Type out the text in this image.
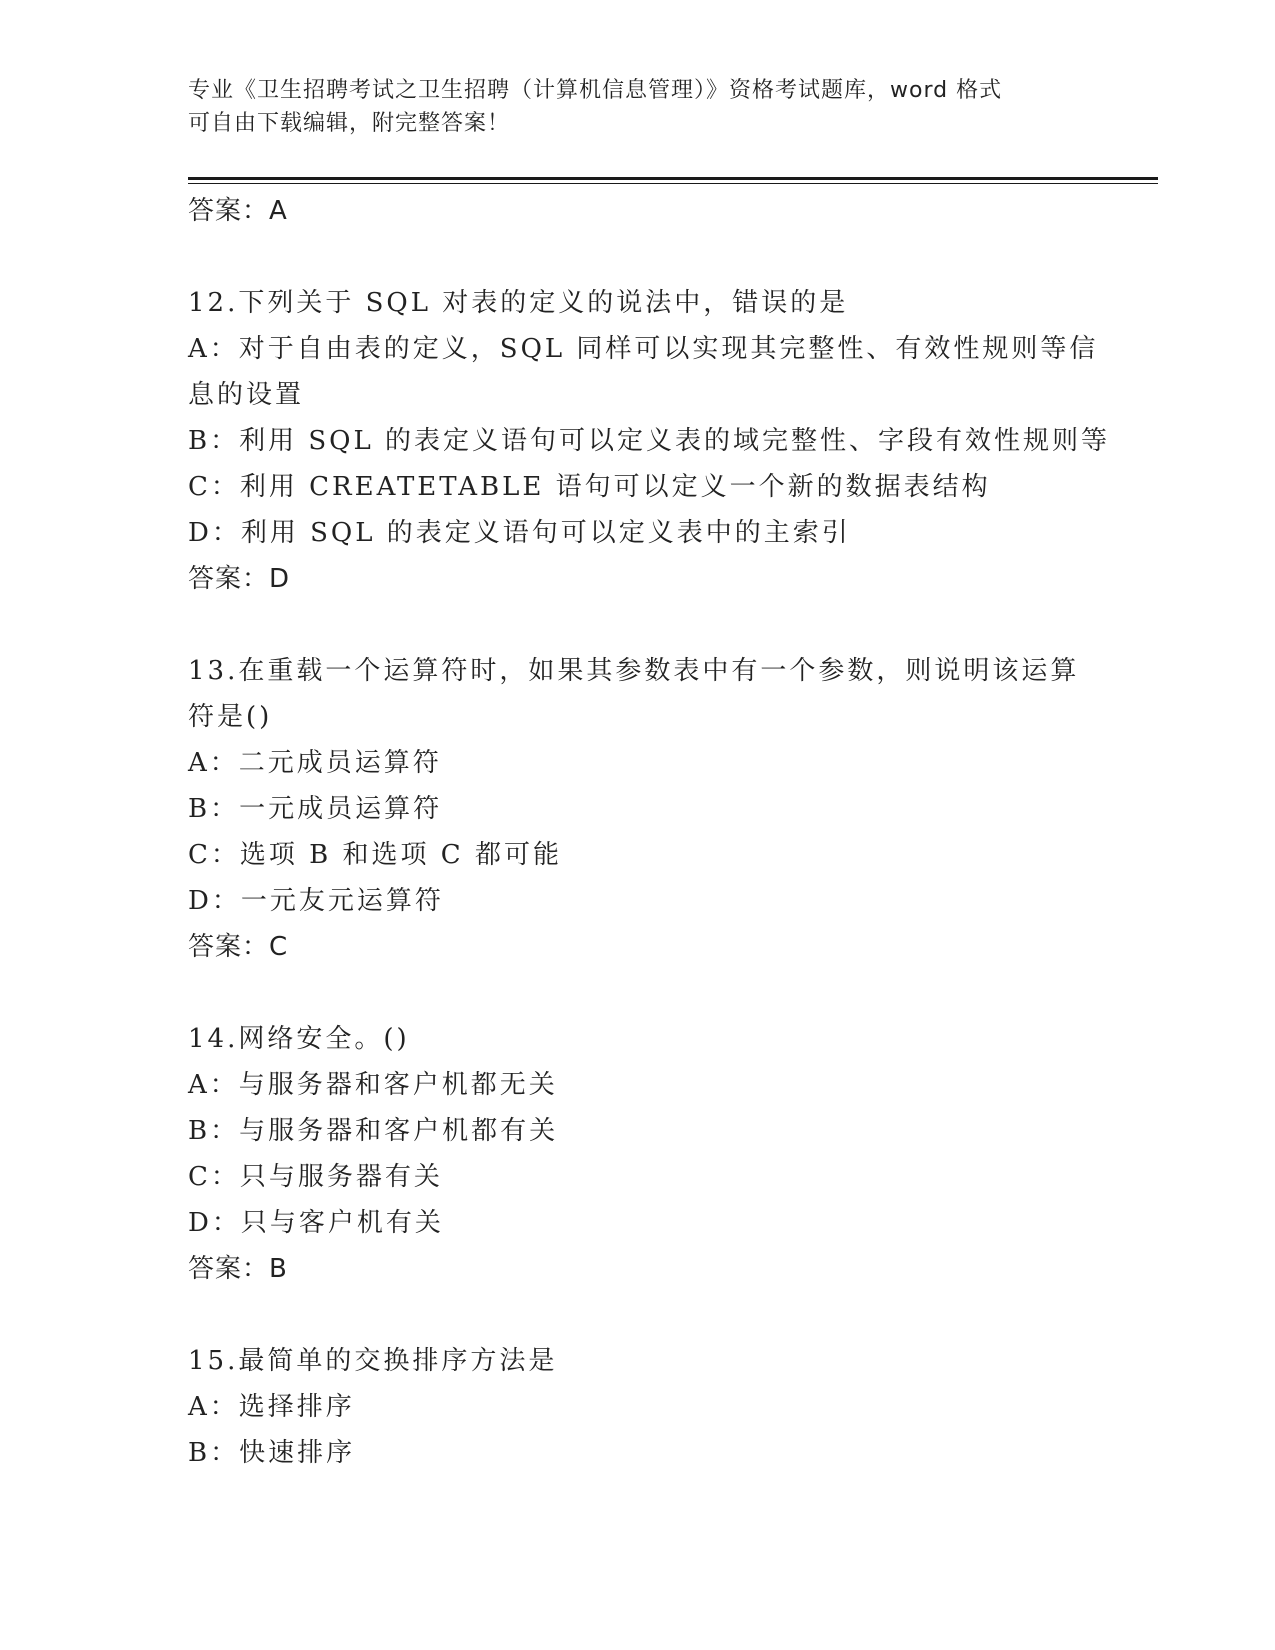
专业《卫生招聘考试之卫生招聘（计算机信息管理）》资格考试题库，word 格式
可自由下载编辑，附完整答案！
答案：A
12.下列关于 SQL 对表的定义的说法中，错误的是
A：对于自由表的定义，SQL 同样可以实现其完整性、有效性规则等信
息的设置
B：利用 SQL 的表定义语句可以定义表的域完整性、字段有效性规则等
C：利用 CREATETABLE 语句可以定义一个新的数据表结构
D：利用 SQL 的表定义语句可以定义表中的主索引
答案：D
13.在重载一个运算符时，如果其参数表中有一个参数，则说明该运算
符是()
A：二元成员运算符
B：一元成员运算符
C：选项 B 和选项 C 都可能
D：一元友元运算符
答案：C
14.网络安全。()
A：与服务器和客户机都无关
B：与服务器和客户机都有关
C：只与服务器有关
D：只与客户机有关
答案：B
15.最简单的交换排序方法是
A：选择排序
B：快速排序
